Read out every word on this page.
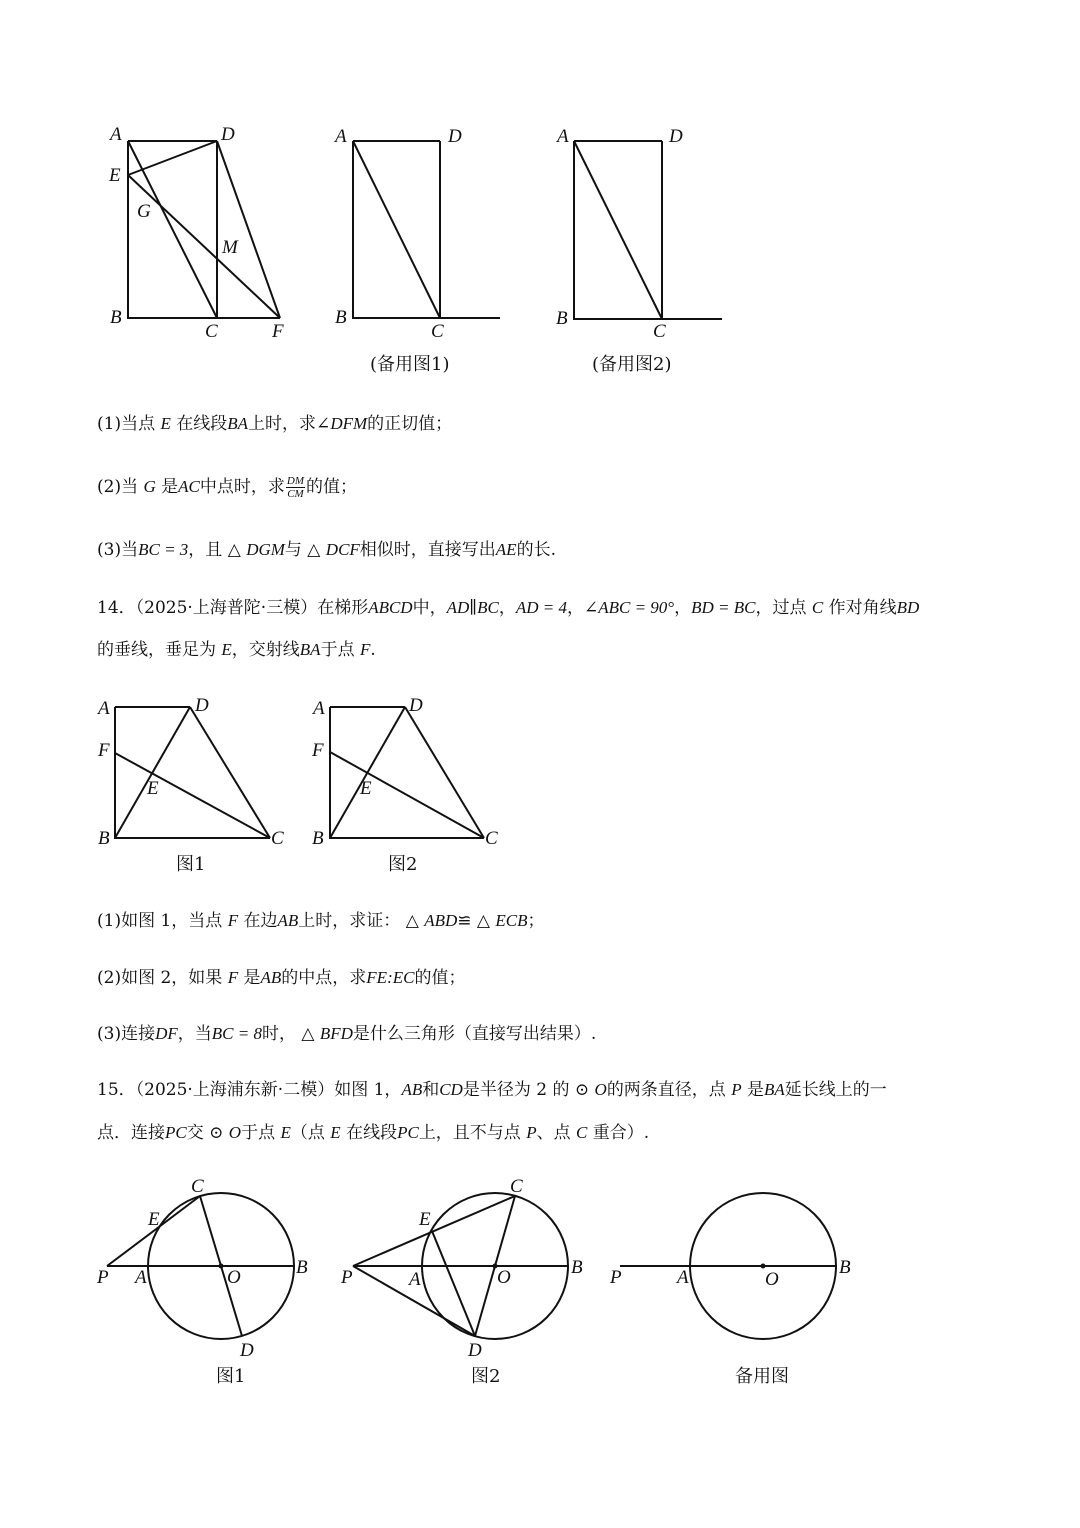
A	D
E
G
M
B
C	F
A	D
B
C
(备用图1)
A	D
B
C
(备用图2)
(1)当点 E 在线段BA上时，求∠DFM的正切值；
(2)当 G 是AC中点时，求 $\frac{DM}{CM}$ 的值；
(3)当BC = 3，且 △ DGM与 △ DCF相似时，直接写出AE的长.
14．（2025·上海普陀·三模）在梯形ABCD中，AD∥BC，AD = 4，∠ABC = 90°，BD = BC，过点 C 作对角线BD
的垂线，垂足为 E，交射线BA于点 F.
A	D
F
E
B	C
图1
A	D
F
E
B	C
图2
(1)如图 1，当点 F 在边AB上时，求证： △ ABD≌ △ ECB；
(2)如图 2，如果 F 是AB的中点，求FE:EC的值；
(3)连接DF，当BC = 8时， △ BFD是什么三角形（直接写出结果）.
15．（2025·上海浦东新·二模）如图 1，AB和CD是半径为 2 的 ⊙ O的两条直径，点 P 是BA延长线上的一
点．连接PC交 ⊙ O于点 E（点 E 在线段PC上，且不与点 P、点 C 重合）.
C
E
P A	O	B
D
图1
C
E
P	A	O	B
D
图2
P	A	O
B
备用图
